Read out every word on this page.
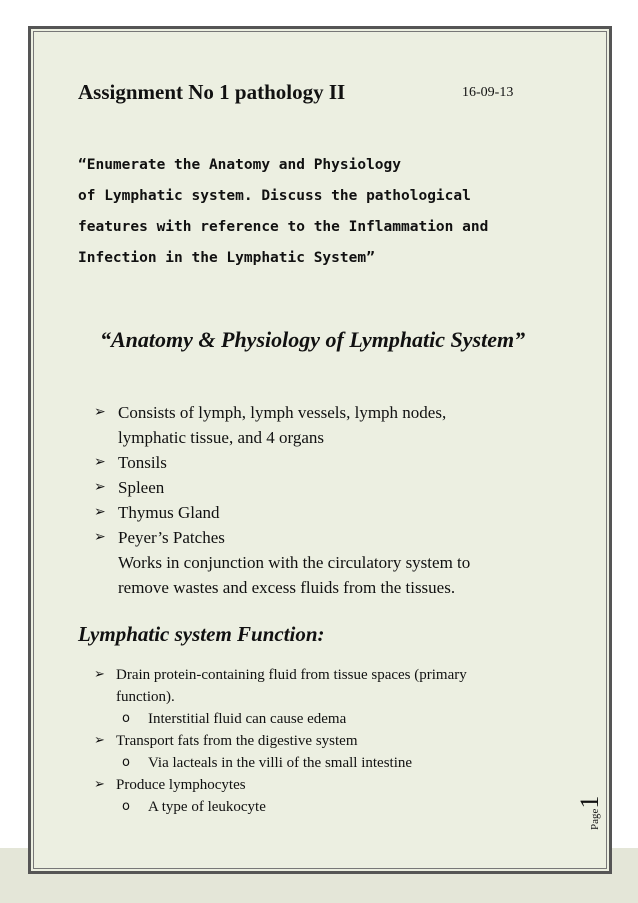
Assignment No 1 pathology II	16-09-13
“Enumerate the Anatomy and Physiology
of Lymphatic system. Discuss the pathological
features with reference to the Inflammation and
Infection in the Lymphatic System”
“Anatomy & Physiology of Lymphatic System”
➢ Consists of lymph, lymph vessels, lymph nodes,
lymphatic tissue, and 4 organs
➢ Tonsils
➢ Spleen
➢ Thymus Gland
➢ Peyer’s Patches
Works in conjunction with the circulatory system to
remove wastes and excess fluids from the tissues.
Lymphatic system Function:
➢ Drain protein-containing fluid from tissue spaces (primary
function).
o	Interstitial fluid can cause edema
➢ Transport fats from the digestive system
o	Via lacteals in the villi of the small intestine
➢ Produce lymphocytes
o	A type of leukocyte
Page1
